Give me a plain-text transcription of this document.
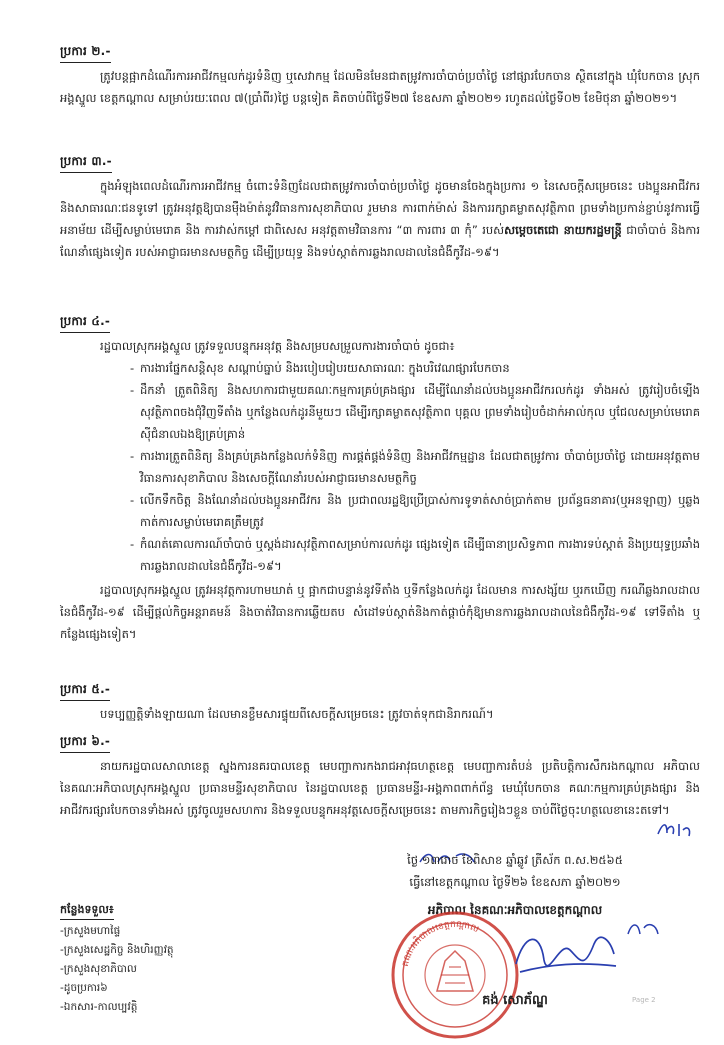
ប្រការ ២.-

ត្រូវបន្តផ្អាកដំណើរការអាជីវកម្មលក់ដូរទំនិញ ឬសេវាកម្ម ដែលមិនមែនជាតម្រូវការចាំបាច់ប្រចាំថ្ងៃ នៅផ្សារបែកចាន ស្ថិតនៅក្នុង ឃុំបែកចាន ស្រុកអង្គស្នួល ខេត្តកណ្តាល សម្រាប់រយៈពេល ៧(ប្រាំពីរ)ថ្ងៃ បន្តទៀត គិតចាប់ពីថ្ងៃទី២៧ ខែឧសភា ឆ្នាំ២០២១ រហូតដល់ថ្ងៃទី០២ ខែមិថុនា ឆ្នាំ២០២១។

ប្រការ ៣.-

ក្នុងអំឡុងពេលដំណើរការអាជីវកម្ម ចំពោះទំនិញដែលជាតម្រូវការចាំបាច់ប្រចាំថ្ងៃ ដូចមានចែងក្នុងប្រការ ១ នៃសេចក្តីសម្រេចនេះ បងប្អូនអាជីវករ និងសាធារណៈជនទូទៅ ត្រូវអនុវត្តឱ្យបានម៉ឺងម៉ាត់នូវវិធានការសុខាភិបាល រួមមាន ការពាក់ម៉ាស់ និងការរក្សាគម្លាតសុវត្ថិភាព ព្រមទាំងប្រកាន់ខ្ជាប់នូវការធ្វើអនាម័យ ដើម្បីសម្លាប់មេរោគ និង ការវាស់កម្តៅ ជាពិសេស អនុវត្តតាមវិធានការ “៣ ការពារ ៣ កុំ” របស់សម្តេចតេជោ នាយករដ្ឋមន្ត្រី ជាចាំបាច់ និងការណែនាំផ្សេងទៀត របស់អាជ្ញាធរមានសមត្ថកិច្ច ដើម្បីប្រយុទ្ធ និងទប់ស្កាត់ការឆ្លងរាលដាលនៃជំងឺកូវីដ-១៩។

ប្រការ ៤.-

រដ្ឋបាលស្រុកអង្គស្នួល ត្រូវទទួលបន្ទុកអនុវត្ត និងសម្របសម្រួលការងារចាំបាច់ ដូចជា៖

- ការងារផ្នែកសន្តិសុខ សណ្តាប់ធ្នាប់ និងរបៀបរៀបរយសាធារណៈ ក្នុងបរិវេណផ្សារបែកចាន
- ដឹកនាំ ត្រួតពិនិត្យ និងសហការជាមួយគណៈកម្មការគ្រប់គ្រងផ្សារ ដើម្បីណែនាំដល់បងប្អូនអាជីវករលក់ដូរ ទាំងអស់ ត្រូវរៀបចំទ្បើងសុវត្ថិភាពចងជុំវិញទីតាំង ឬកន្លែងលក់ដូរនីមួយៗ ដើម្បីរក្សាគម្លាតសុវត្ថិភាព បុគ្គល ព្រមទាំងរៀបចំដាក់អាល់កុល ឬជែលសម្រាប់មេរោគ ស៊ីជំនាលឯងឱ្យគ្រប់គ្រាន់
- ការងារត្រួតពិនិត្យ និងគ្រប់គ្រងកន្លែងលក់ទំនិញ ការផ្គត់ផ្គង់ទំនិញ និងអាជីវកម្មដ្ឋាន ដែលជាតម្រូវការ ចាំបាច់ប្រចាំថ្ងៃ ដោយអនុវត្តតាមវិធានការសុខាភិបាល និងសេចក្តីណែនាំរបស់អាជ្ញាធរមានសមត្ថកិច្ច
- លើកទឹកចិត្ត និងណែនាំដល់បងប្អូនអាជីវករ និង ប្រជាពលរដ្ឋឱ្យប្រើប្រាស់ការទូទាត់សាច់ប្រាក់តាម ប្រព័ន្ធធនាគារ(ឬអនឡាញ) ឬឆ្លងកាត់ការសម្លាប់មេរោគត្រឹមត្រូវ
- កំណត់គោលការណ៍ចាំបាច់ ឬស្តង់ដារសុវត្ថិភាពសម្រាប់ការលក់ដូរ ផ្សេងទៀត ដើម្បីធានាប្រសិទ្ធភាព ការងារទប់ស្កាត់ និងប្រយុទ្ធប្រឆាំងការឆ្លងរាលដាលនៃជំងឺកូវីដ-១៩។

រដ្ឋបាលស្រុកអង្គស្នួល ត្រូវអនុវត្តការហាមឃាត់ ឬ ផ្អាកជាបន្ទាន់នូវទីតាំង ឬទីកន្លែងលក់ដូរ ដែលមាន ការសង្ស័យ ឬរកឃើញ ករណីឆ្លងរាលដាលនៃជំងឺកូវីដ-១៩ ដើម្បីផ្តល់កិច្ចអន្តរាគមន៍ និងចាត់វិធានការឆ្លើយតប សំដៅទប់ស្កាត់និងកាត់ផ្តាច់កុំឱ្យមានការឆ្លងរាលដាលនៃជំងឺកូវីដ-១៩ ទៅទីតាំង ឬកន្លែងផ្សេងទៀត។

ប្រការ ៥.-

បទប្បញ្ញត្តិទាំងឡាយណា ដែលមានខ្លឹមសារផ្ទុយពីសេចក្តីសម្រេចនេះ ត្រូវចាត់ទុកជានិរាករណ៍។

ប្រការ ៦.-

នាយករដ្ឋបាលសាលាខេត្ត ស្នងការនគរបាលខេត្ត មេបញ្ជាការកងរាជអាវុធហត្ថខេត្ត មេបញ្ជាការតំបន់ ប្រតិបត្តិការសឹករងកណ្តាល អភិបាល នៃគណៈអភិបាលស្រុកអង្គស្នួល ប្រធានមន្ទីរសុខាភិបាល នៃរដ្ឋបាលខេត្ត ប្រធានមន្ទីរ-អង្គភាពពាក់ព័ន្ធ មេឃុំបែកចាន គណៈកម្មការគ្រប់គ្រងផ្សារ និងអាជីវករផ្សារបែកចានទាំងអស់ ត្រូវចូលរួមសហការ និងទទួលបន្ទុកអនុវត្តសេចក្តីសម្រេចនេះ តាមភារកិច្ចរៀងៗខ្លួន ចាប់ពីថ្ងៃចុះហត្ថលេខានេះតទៅ។

ថ្ងៃ ១៣រោច ខែពិសាខ ឆ្នាំឆ្លូវ ត្រីស័ក ព.ស.២៥៦៥
ធ្វើនៅខេត្តកណ្តាល ថ្ងៃទី២៦ ខែឧសភា ឆ្នាំ២០២១
អភិបាល នៃគណៈអភិបាលខេត្តកណ្តាល
គណៈអភិបាលខេត្តកណ្តាល
គង់ សោភ័ណ្ឌ
កន្លែងទទួល៖
-ក្រសួងមហាផ្ទៃ
-ក្រសួងសេដ្ឋកិច្ច និងហិរញ្ញវត្ថុ
-ក្រសួងសុខាភិបាល
-ដូចប្រការ៦
-ឯកសារ-កាលប្បវត្តិ
Page 2
